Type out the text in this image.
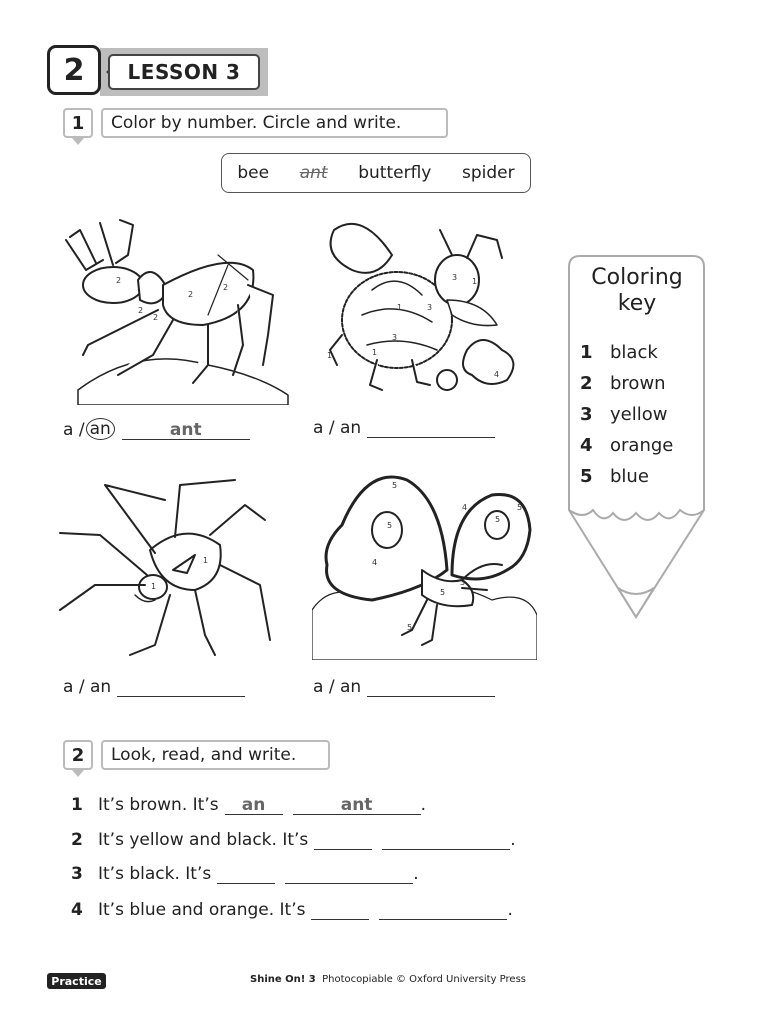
2 LESSON 3
1 Color by number. Circle and write.
bee ant butterfly spider
2
2
2
2
2
3 1
1	3
3
1	1
4
a / an	ant	a / an
1
1
5
5
4
4
5
5
5
3
5
a / an	a / an
Coloring
key
1 black
2 brown
3 yellow
4 orange
5 blue
2 Look, read, and write.
1 It’s brown. It’s	an	ant	.
2 It’s yellow and black. It’s	.
3 It’s black. It’s	.
4 It’s blue and orange. It’s	.
Practice	Shine On! 3 Photocopiable © Oxford University Press
